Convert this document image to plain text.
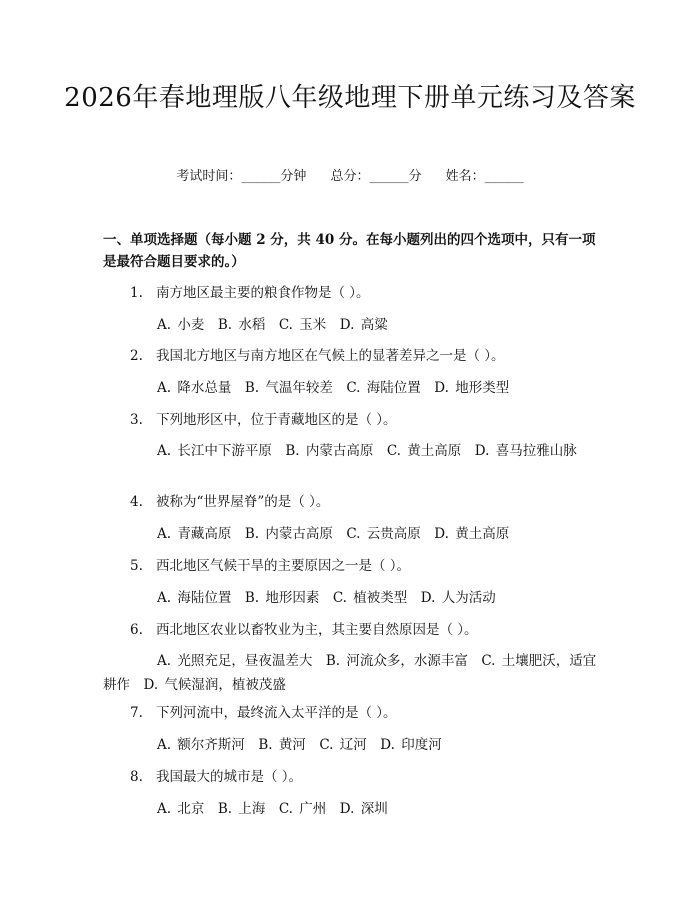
2026年春地理版八年级地理下册单元练习及答案
考试时间：______分钟 总分：______分 姓名：______

一、单项选择题（每小题 2 分，共 40 分。在每小题列出的四个选项中，只有一项是最符合题目要求的。）

1. 南方地区最主要的粮食作物是（ ）。

A. 小麦　B. 水稻　C. 玉米　D. 高粱

2. 我国北方地区与南方地区在气候上的显著差异之一是（ ）。

A. 降水总量　B. 气温年较差　C. 海陆位置　D. 地形类型

3. 下列地形区中，位于青藏地区的是（ ）。

A. 长江中下游平原　B. 内蒙古高原　C. 黄土高原　D. 喜马拉雅山脉

4. 被称为“世界屋脊”的是（ ）。

A. 青藏高原　B. 内蒙古高原　C. 云贵高原　D. 黄土高原

5. 西北地区气候干旱的主要原因之一是（ ）。

A. 海陆位置　B. 地形因素　C. 植被类型　D. 人为活动

6. 西北地区农业以畜牧业为主，其主要自然原因是（ ）。

A. 光照充足，昼夜温差大　B. 河流众多，水源丰富　C. 土壤肥沃，适宜耕作　D. 气候湿润，植被茂盛

7. 下列河流中，最终流入太平洋的是（ ）。

A. 额尔齐斯河　B. 黄河　C. 辽河　D. 印度河

8. 我国最大的城市是（ ）。

A. 北京　B. 上海　C. 广州　D. 深圳
